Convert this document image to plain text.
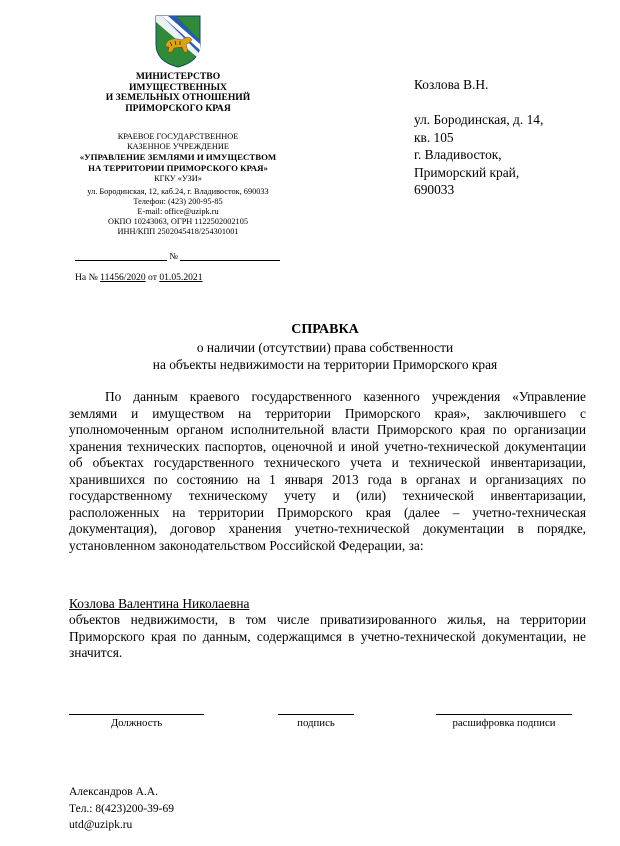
МИНИСТЕРСТВО
ИМУЩЕСТВЕННЫХ
И ЗЕМЕЛЬНЫХ ОТНОШЕНИЙ
ПРИМОРСКОГО КРАЯ
КРАЕВОЕ ГОСУДАРСТВЕННОЕ
КАЗЕННОЕ УЧРЕЖДЕНИЕ
«УПРАВЛЕНИЕ ЗЕМЛЯМИ И ИМУЩЕСТВОМ
НА ТЕРРИТОРИИ ПРИМОРСКОГО КРАЯ»
КГКУ «УЗИ»
ул. Бородинская, 12, каб.24, г. Владивосток, 690033
Телефон: (423) 200-95-85
E-mail: office@uzipk.ru
ОКПО 10243063, ОГРН 1122502002105
ИНН/КПП 2502045418/254301001
№
На № 11456/2020 от 01.05.2021
Козлова В.Н.
ул. Бородинская, д. 14,
кв. 105
г. Владивосток,
Приморский край,
690033
СПРАВКА
о наличии (отсутствии) права собственности
на объекты недвижимости на территории Приморского края
По данным краевого государственного казенного учреждения «Управление землями и имуществом на территории Приморского края», заключившего с уполномоченным органом исполнительной власти Приморского края по организации хранения технических паспортов, оценочной и иной учетно-технической документации об объектах государственного технического учета и технической инвентаризации, хранившихся по состоянию на 1 января 2013 года в органах и организациях по государственному техническому учету и (или) технической инвентаризации, расположенных на территории Приморского края (далее – учетно-техническая документация), договор хранения учетно-технической документации в порядке, установленном законодательством Российской Федерации, за:
Козлова Валентина Николаевна
объектов недвижимости, в том числе приватизированного жилья, на территории Приморского края по данным, содержащимся в учетно-технической документации, не значится.
Должность	подпись	расшифровка подписи
Александров А.А.
Тел.: 8(423)200-39-69
utd@uzipk.ru
